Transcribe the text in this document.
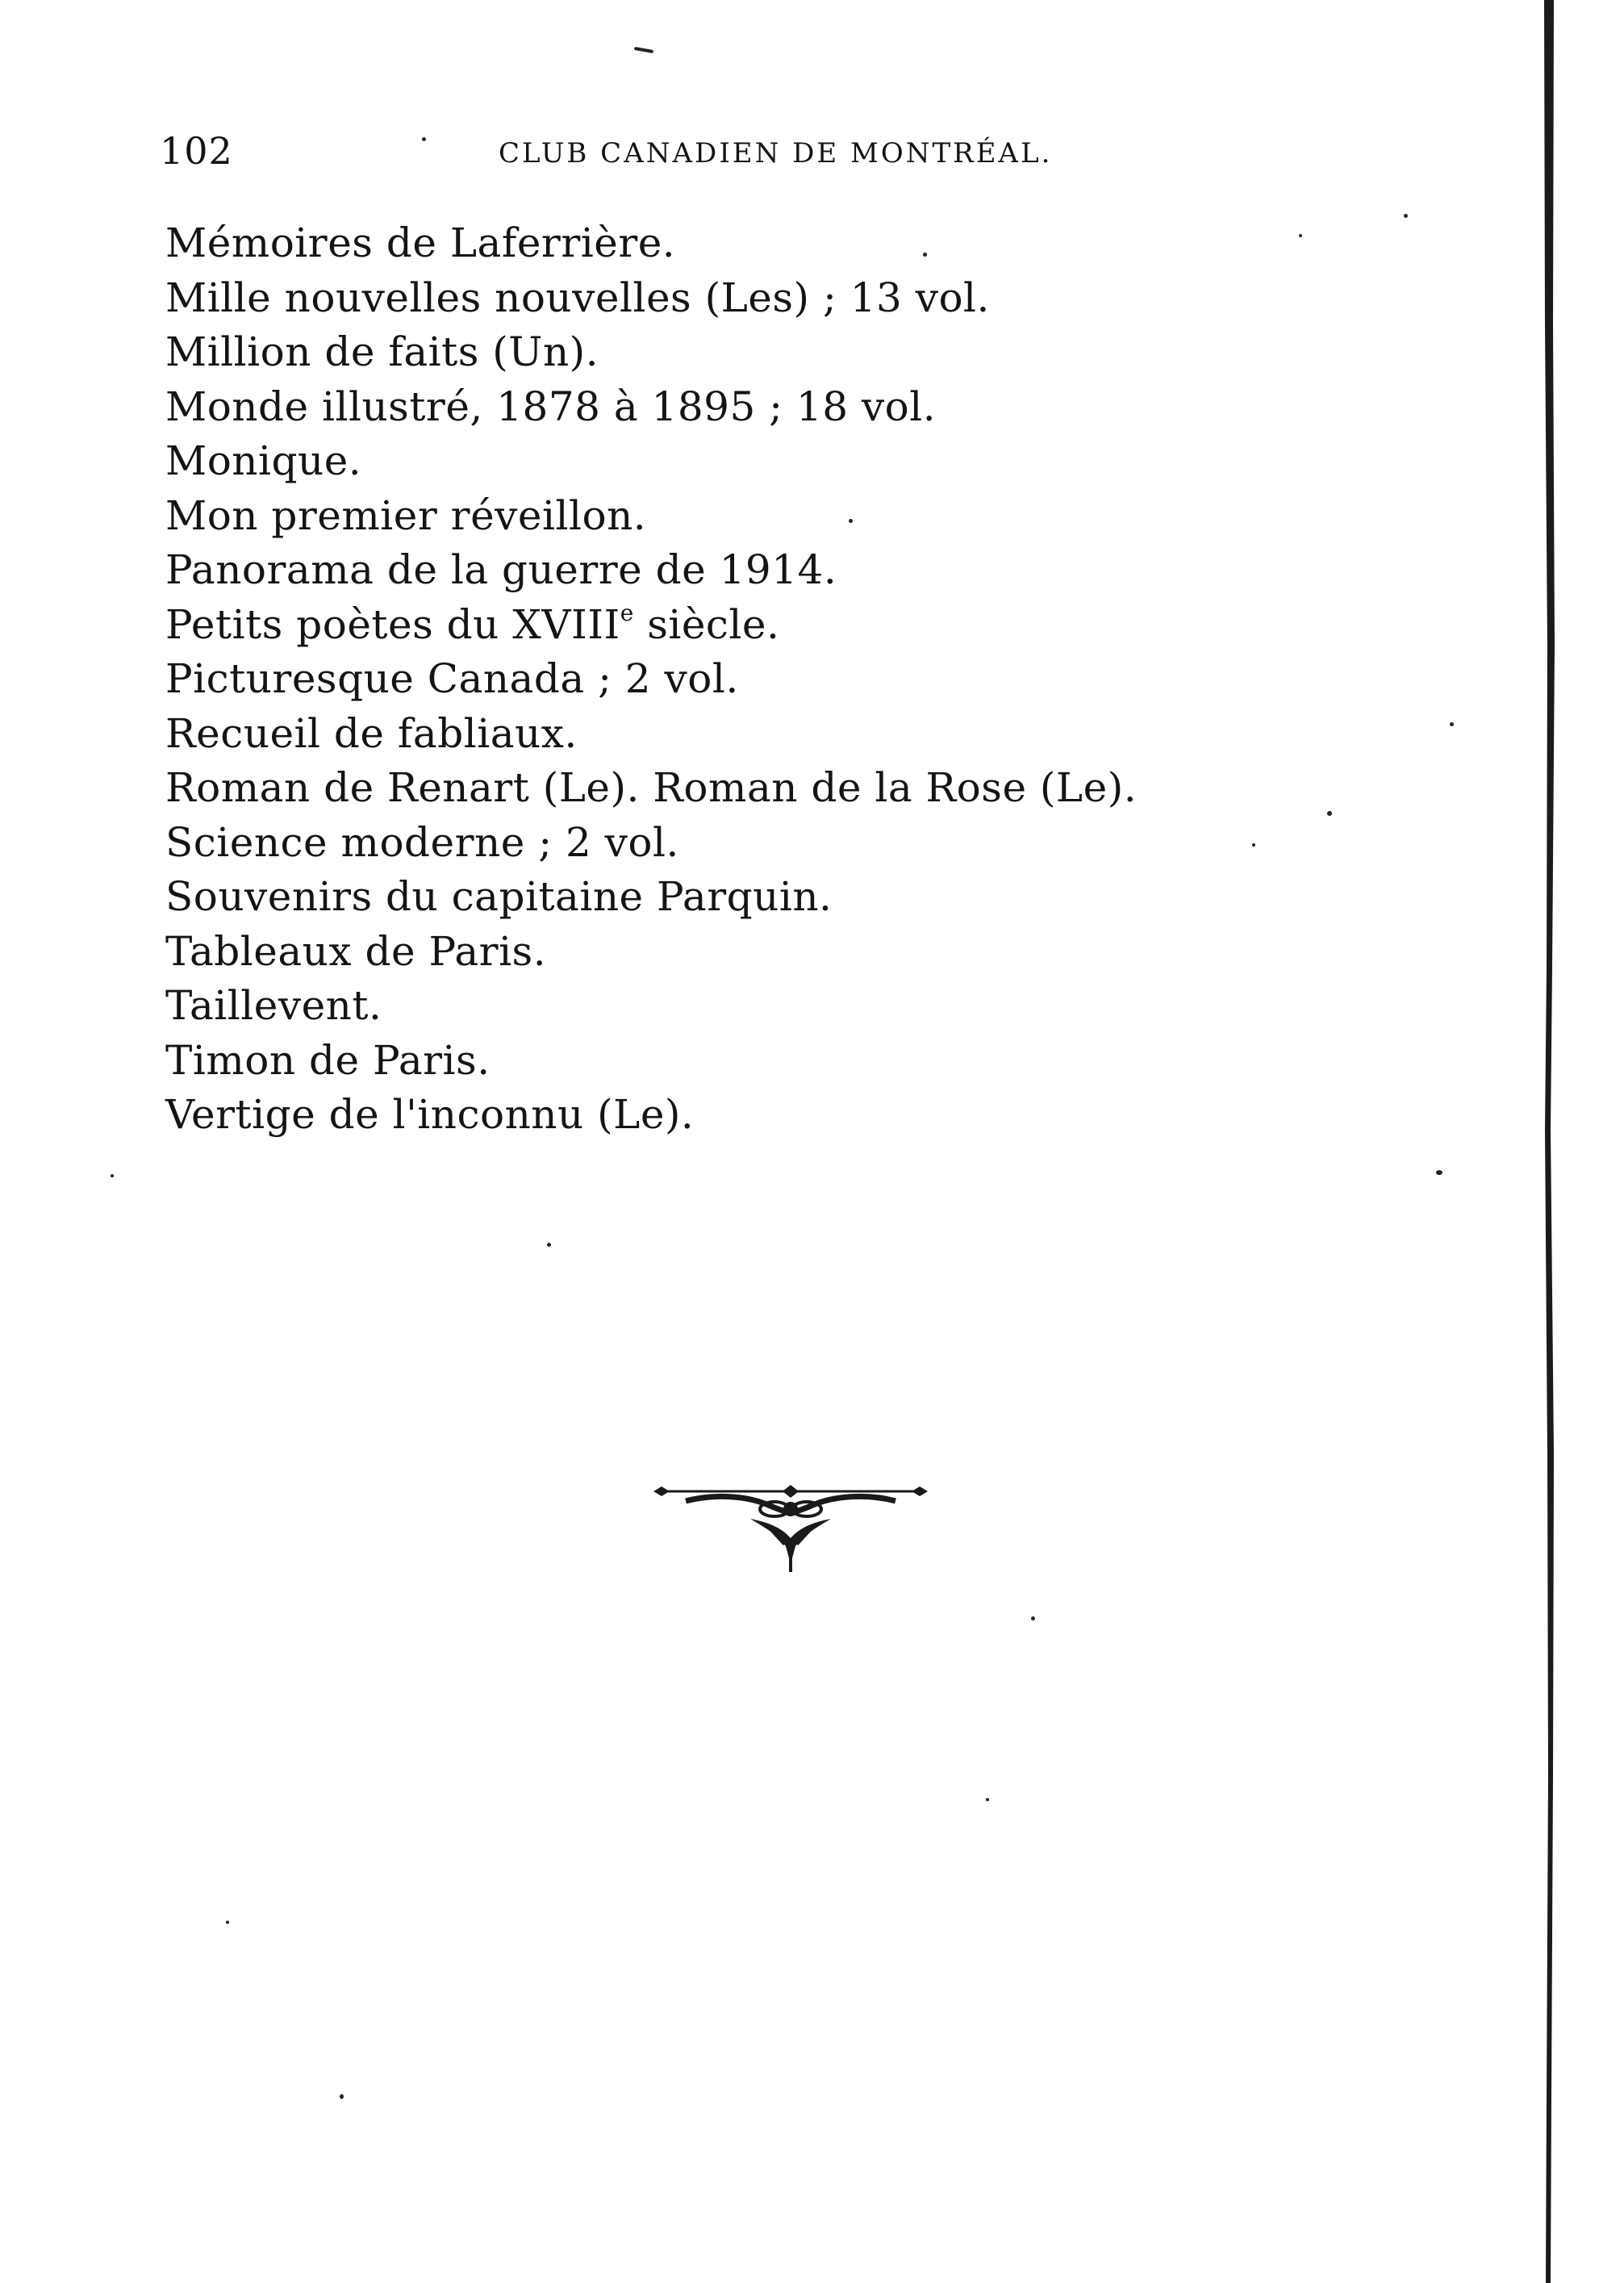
102	CLUB CANADIEN DE MONTRÉAL.
Mémoires de Laferrière.
Mille nouvelles nouvelles (Les) ; 13 vol.
Million de faits (Un).
Monde illustré, 1878 à 1895 ; 18 vol.
Monique.
Mon premier réveillon.
Panorama de la guerre de 1914.
Petits poètes du XVIIIe siècle.
Picturesque Canada ; 2 vol.
Recueil de fabliaux.
Roman de Renart (Le). Roman de la Rose (Le).
Science moderne ; 2 vol.
Souvenirs du capitaine Parquin.
Tableaux de Paris.
Taillevent.
Timon de Paris.
Vertige de l'inconnu (Le).
